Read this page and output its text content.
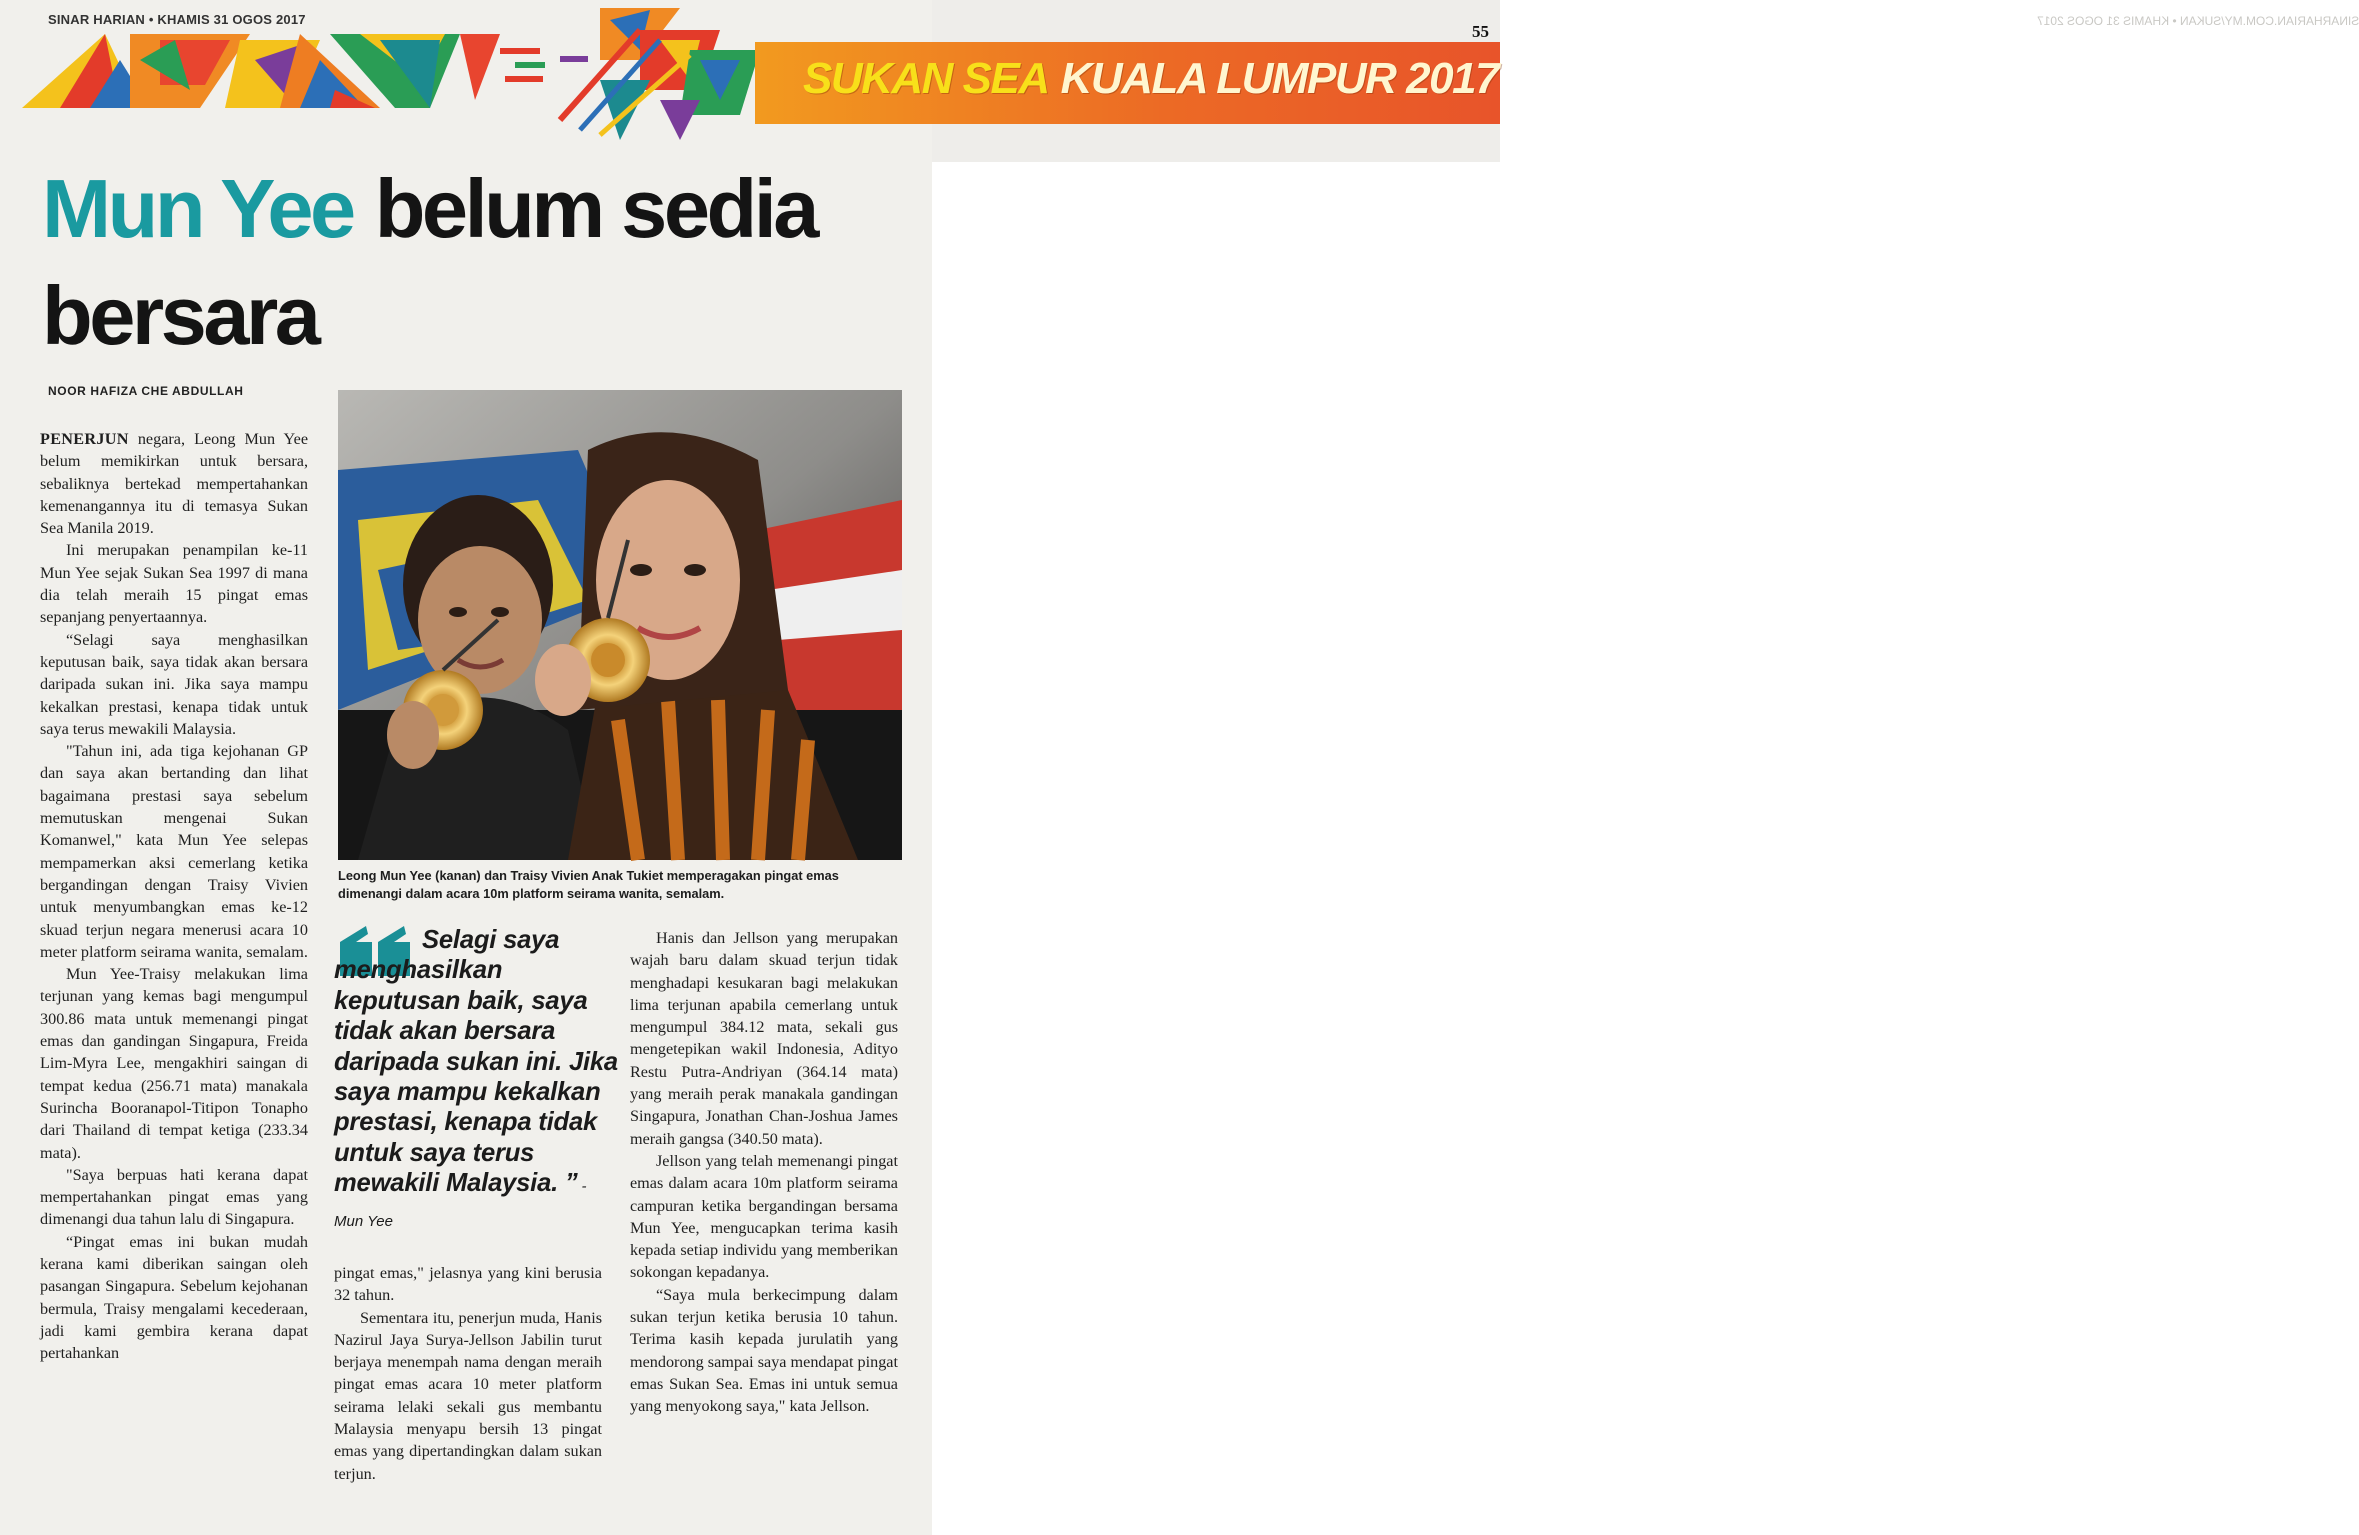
SINAR HARIAN • KHAMIS 31 OGOS 2017
Mun Yee belum sedia bersara
NOOR HAFIZA CHE ABDULLAH

PENERJUN negara, Leong Mun Yee belum memikirkan untuk bersara, sebaliknya bertekad mempertahankan kemenangannya itu di temasya Sukan Sea Manila 2019.

Ini merupakan penampilan ke-11 Mun Yee sejak Sukan Sea 1997 di mana dia telah meraih 15 pingat emas sepanjang penyertaannya.

“Selagi saya menghasilkan keputusan baik, saya tidak akan bersara daripada sukan ini. Jika saya mampu kekalkan prestasi, kenapa tidak untuk saya terus mewakili Malaysia.

"Tahun ini, ada tiga kejohanan GP dan saya akan bertanding dan lihat bagaimana prestasi saya sebelum memutuskan mengenai Sukan Komanwel," kata Mun Yee selepas mempamerkan aksi cemerlang ketika bergandingan dengan Traisy Vivien untuk menyumbangkan emas ke-12 skuad terjun negara menerusi acara 10 meter platform seirama wanita, semalam.

Mun Yee-Traisy melakukan lima terjunan yang kemas bagi mengumpul 300.86 mata untuk memenangi pingat emas dan gandingan Singapura, Freida Lim-Myra Lee, mengakhiri saingan di tempat kedua (256.71 mata) manakala Surincha Booranapol-Titipon Tonapho dari Thailand di tempat ketiga (233.34 mata).

"Saya berpuas hati kerana dapat mempertahankan pingat emas yang dimenangi dua tahun lalu di Singapura.

“Pingat emas ini bukan mudah kerana kami diberikan saingan oleh pasangan Singapura. Sebelum kejohanan bermula, Traisy mengalami kecederaan, jadi kami gembira kerana dapat pertahankan

Leong Mun Yee (kanan) dan Traisy Vivien Anak Tukiet memperagakan pingat emas dimenangi dalam acara 10m platform seirama wanita, semalam.
Selagi saya menghasilkan keputusan baik, saya tidak akan bersara daripada sukan ini. Jika saya mampu kekalkan prestasi, kenapa tidak untuk saya terus mewakili Malaysia. ” - Mun Yee

pingat emas," jelasnya yang kini berusia 32 tahun.

Sementara itu, penerjun muda, Hanis Nazirul Jaya Surya-Jellson Jabilin turut berjaya menempah nama dengan meraih pingat emas acara 10 meter platform seirama lelaki sekali gus membantu Malaysia menyapu bersih 13 pingat emas yang dipertandingkan dalam sukan terjun.

Hanis dan Jellson yang merupakan wajah baru dalam skuad terjun tidak menghadapi kesukaran bagi melakukan lima terjunan apabila cemerlang untuk mengumpul 384.12 mata, sekali gus mengetepikan wakil Indonesia, Adityo Restu Putra-Andriyan (364.14 mata) yang meraih perak manakala gandingan Singapura, Jonathan Chan-Joshua James meraih gangsa (340.50 mata).

Jellson yang telah memenangi pingat emas dalam acara 10m platform seirama campuran ketika bergandingan bersama Mun Yee, mengucapkan terima kasih kepada setiap individu yang memberikan sokongan kepadanya.

“Saya mula berkecimpung dalam sukan terjun ketika berusia 10 tahun. Terima kasih kepada jurulatih yang mendorong sampai saya mendapat pingat emas Sukan Sea. Emas ini untuk semua yang menyokong saya," kata Jellson.

SINARHARIAN.COM.MY/SUKAN • KHAMIS 31 OGOS 2017
SUKAN SEA KUALA LUMPUR 2017
55
